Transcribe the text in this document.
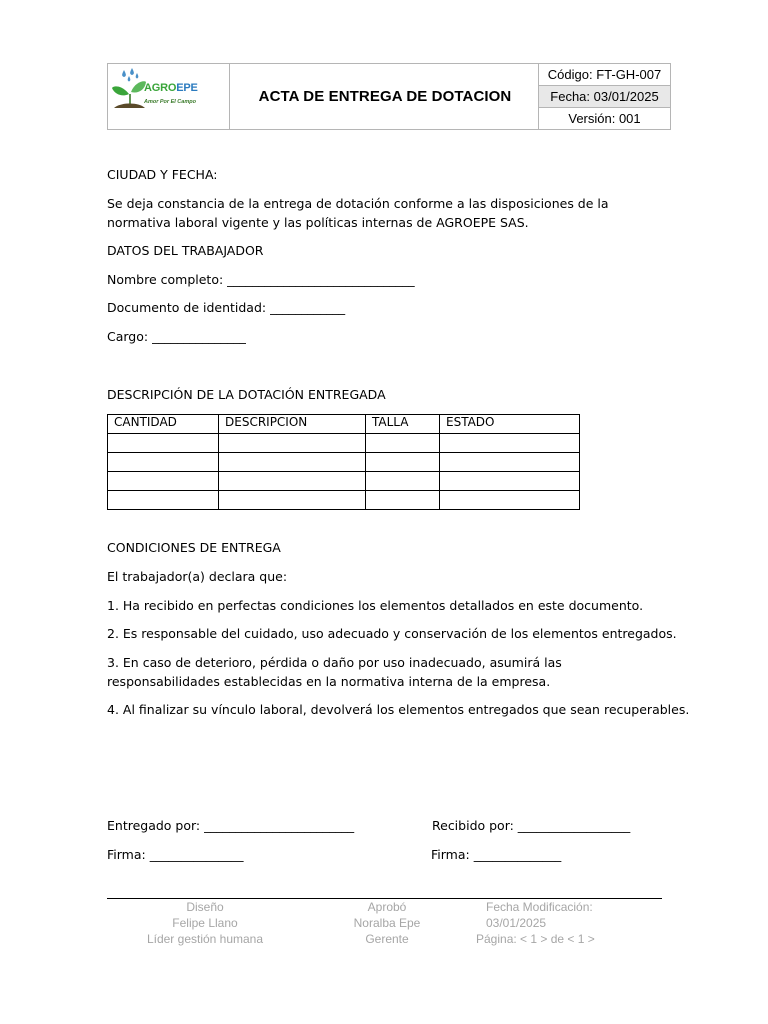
AGROEPE
Amor Por El Campo	ACTA DE ENTREGA DE DOTACION
Código: FT-GH-007
Fecha: 03/01/2025
Versión: 001
CIUDAD Y FECHA:
Se deja constancia de la entrega de dotación conforme a las disposiciones de la normativa laboral vigente y las políticas internas de AGROEPE SAS.
DATOS DEL TRABAJADOR
Nombre completo: ______________________________
Documento de identidad: ____________
Cargo: _______________
DESCRIPCIÓN DE LA DOTACIÓN ENTREGADA
CANTIDAD	DESCRIPCION	TALLA	ESTADO

CONDICIONES DE ENTREGA
El trabajador(a) declara que:
1. Ha recibido en perfectas condiciones los elementos detallados en este documento.
2. Es responsable del cuidado, uso adecuado y conservación de los elementos entregados.
3. En caso de deterioro, pérdida o daño por uso inadecuado, asumirá las responsabilidades establecidas en la normativa interna de la empresa.
4. Al finalizar su vínculo laboral, devolverá los elementos entregados que sean recuperables.
Entregado por: ________________________	Recibido por: __________________
Firma: _______________	Firma: ______________
Diseño
Felipe Llano
Líder gestión humana
Aprobó
Noralba Epe
Gerente
Fecha Modificación: 03/01/2025
Página: < 1 > de < 1 >
